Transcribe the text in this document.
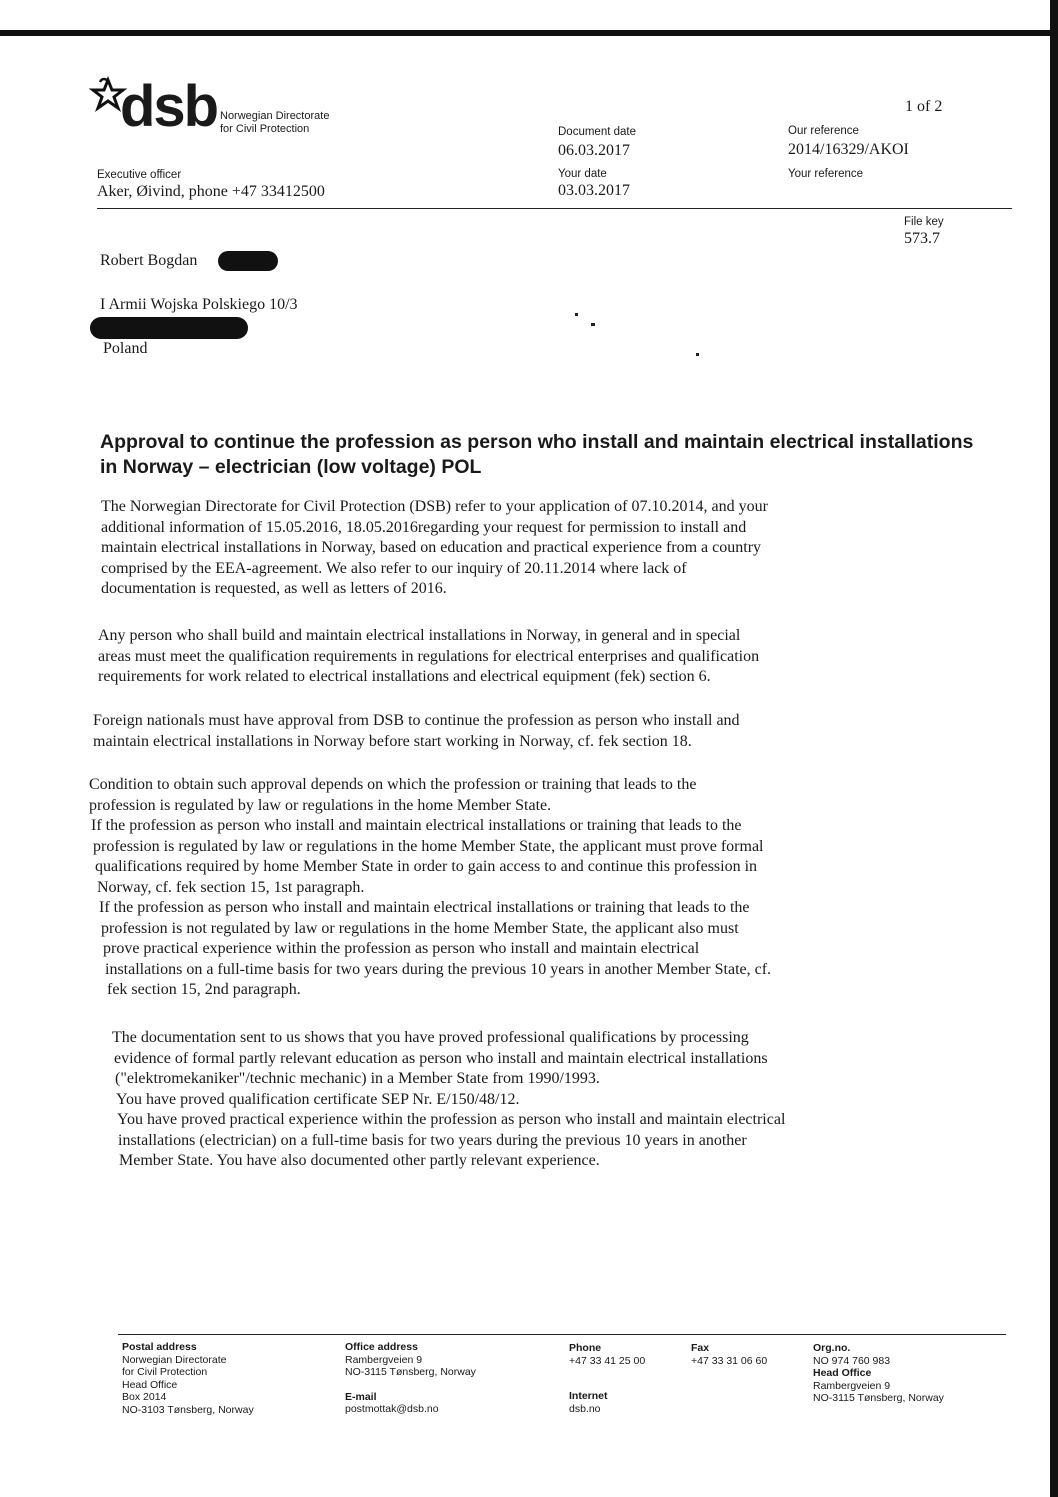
dsb Norwegian Directorate
for Civil Protection
1 of 2
Document date
06.03.2017
Our reference
2014/16329/AKOI
Executive officer
Aker, Øivind, phone +47 33412500
Your date
03.03.2017
Your reference
File key
573.7
Robert Bogdan
I Armii Wojska Polskiego 10/3
Poland
Approval to continue the profession as person who install and maintain electrical installations in Norway – electrician (low voltage) POL

The Norwegian Directorate for Civil Protection (DSB) refer to your application of 07.10.2014, and your

additional information of 15.05.2016, 18.05.2016regarding your request for permission to install and

maintain electrical installations in Norway, based on education and practical experience from a country

comprised by the EEA-agreement. We also refer to our inquiry of 20.11.2014 where lack of

documentation is requested, as well as letters of 2016.

Any person who shall build and maintain electrical installations in Norway, in general and in special

areas must meet the qualification requirements in regulations for electrical enterprises and qualification

requirements for work related to electrical installations and electrical equipment (fek) section 6.

Foreign nationals must have approval from DSB to continue the profession as person who install and

maintain electrical installations in Norway before start working in Norway, cf. fek section 18.

Condition to obtain such approval depends on which the profession or training that leads to the

profession is regulated by law or regulations in the home Member State.

If the profession as person who install and maintain electrical installations or training that leads to the

profession is regulated by law or regulations in the home Member State, the applicant must prove formal

qualifications required by home Member State in order to gain access to and continue this profession in

Norway, cf. fek section 15, 1st paragraph.

If the profession as person who install and maintain electrical installations or training that leads to the

profession is not regulated by law or regulations in the home Member State, the applicant also must

prove practical experience within the profession as person who install and maintain electrical

installations on a full-time basis for two years during the previous 10 years in another Member State, cf.

fek section 15, 2nd paragraph.

The documentation sent to us shows that you have proved professional qualifications by processing

evidence of formal partly relevant education as person who install and maintain electrical installations

("elektromekaniker"/technic mechanic) in a Member State from 1990/1993.

You have proved qualification certificate SEP Nr. E/150/48/12.

You have proved practical experience within the profession as person who install and maintain electrical

installations (electrician) on a full-time basis for two years during the previous 10 years in another

Member State. You have also documented other partly relevant experience.

Postal address
Norwegian Directorate
for Civil Protection
Head Office
Box 2014
NO-3103 Tønsberg, Norway
Office address
Rambergveien 9
NO-3115 Tønsberg, Norway
E-mail
postmottak@dsb.no
Phone
+47 33 41 25 00
Internet
dsb.no
Fax
+47 33 31 06 60
Org.no.
NO 974 760 983
Head Office
Rambergveien 9
NO-3115 Tønsberg, Norway
